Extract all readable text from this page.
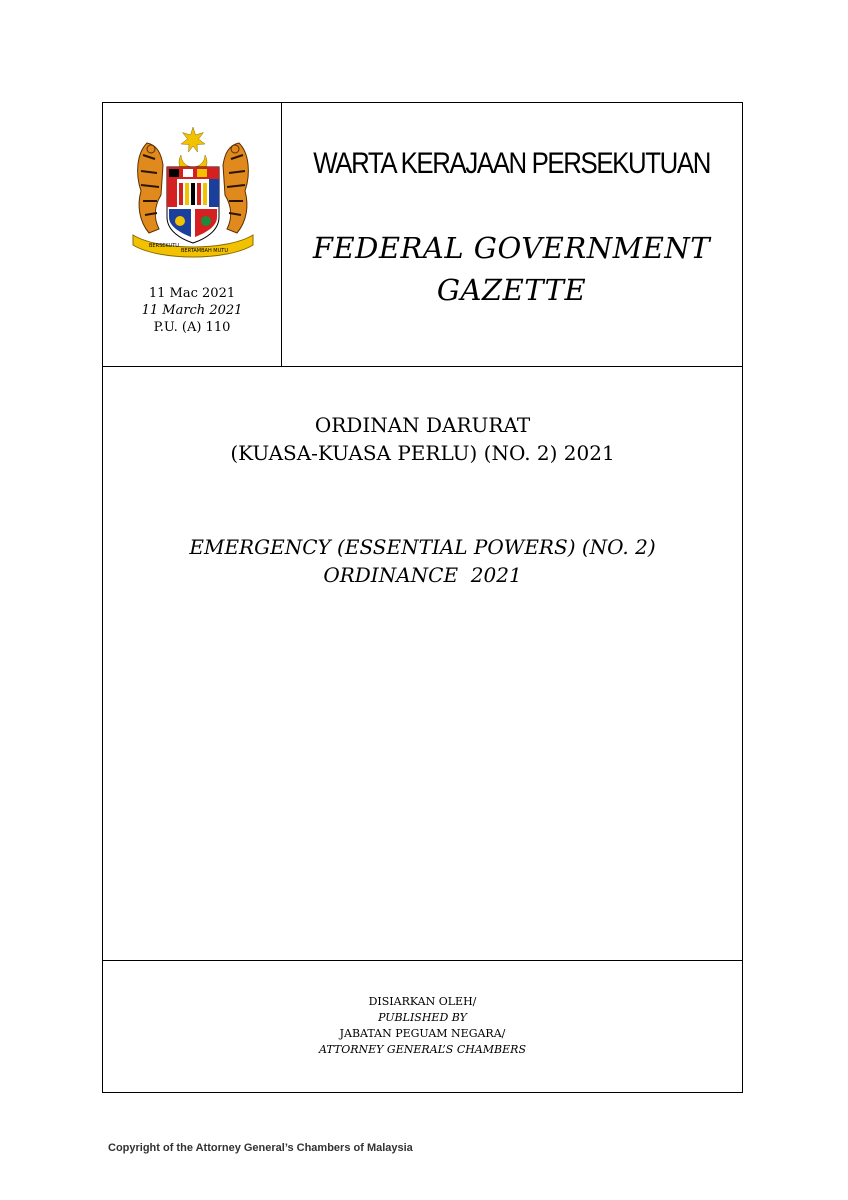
BERSEKUTU
BERTAMBAH MUTU
11 Mac 2021
11 March 2021
P.U. (A) 110
WARTA KERAJAAN PERSEKUTUAN
FEDERAL GOVERNMENT
GAZETTE
ORDINAN DARURAT
(KUASA-KUASA PERLU) (NO. 2) 2021
EMERGENCY (ESSENTIAL POWERS) (NO. 2)
ORDINANCE  2021
DISIARKAN OLEH/
PUBLISHED BY
JABATAN PEGUAM NEGARA/
ATTORNEY GENERAL’S CHAMBERS
Copyright of the Attorney General’s Chambers of Malaysia
